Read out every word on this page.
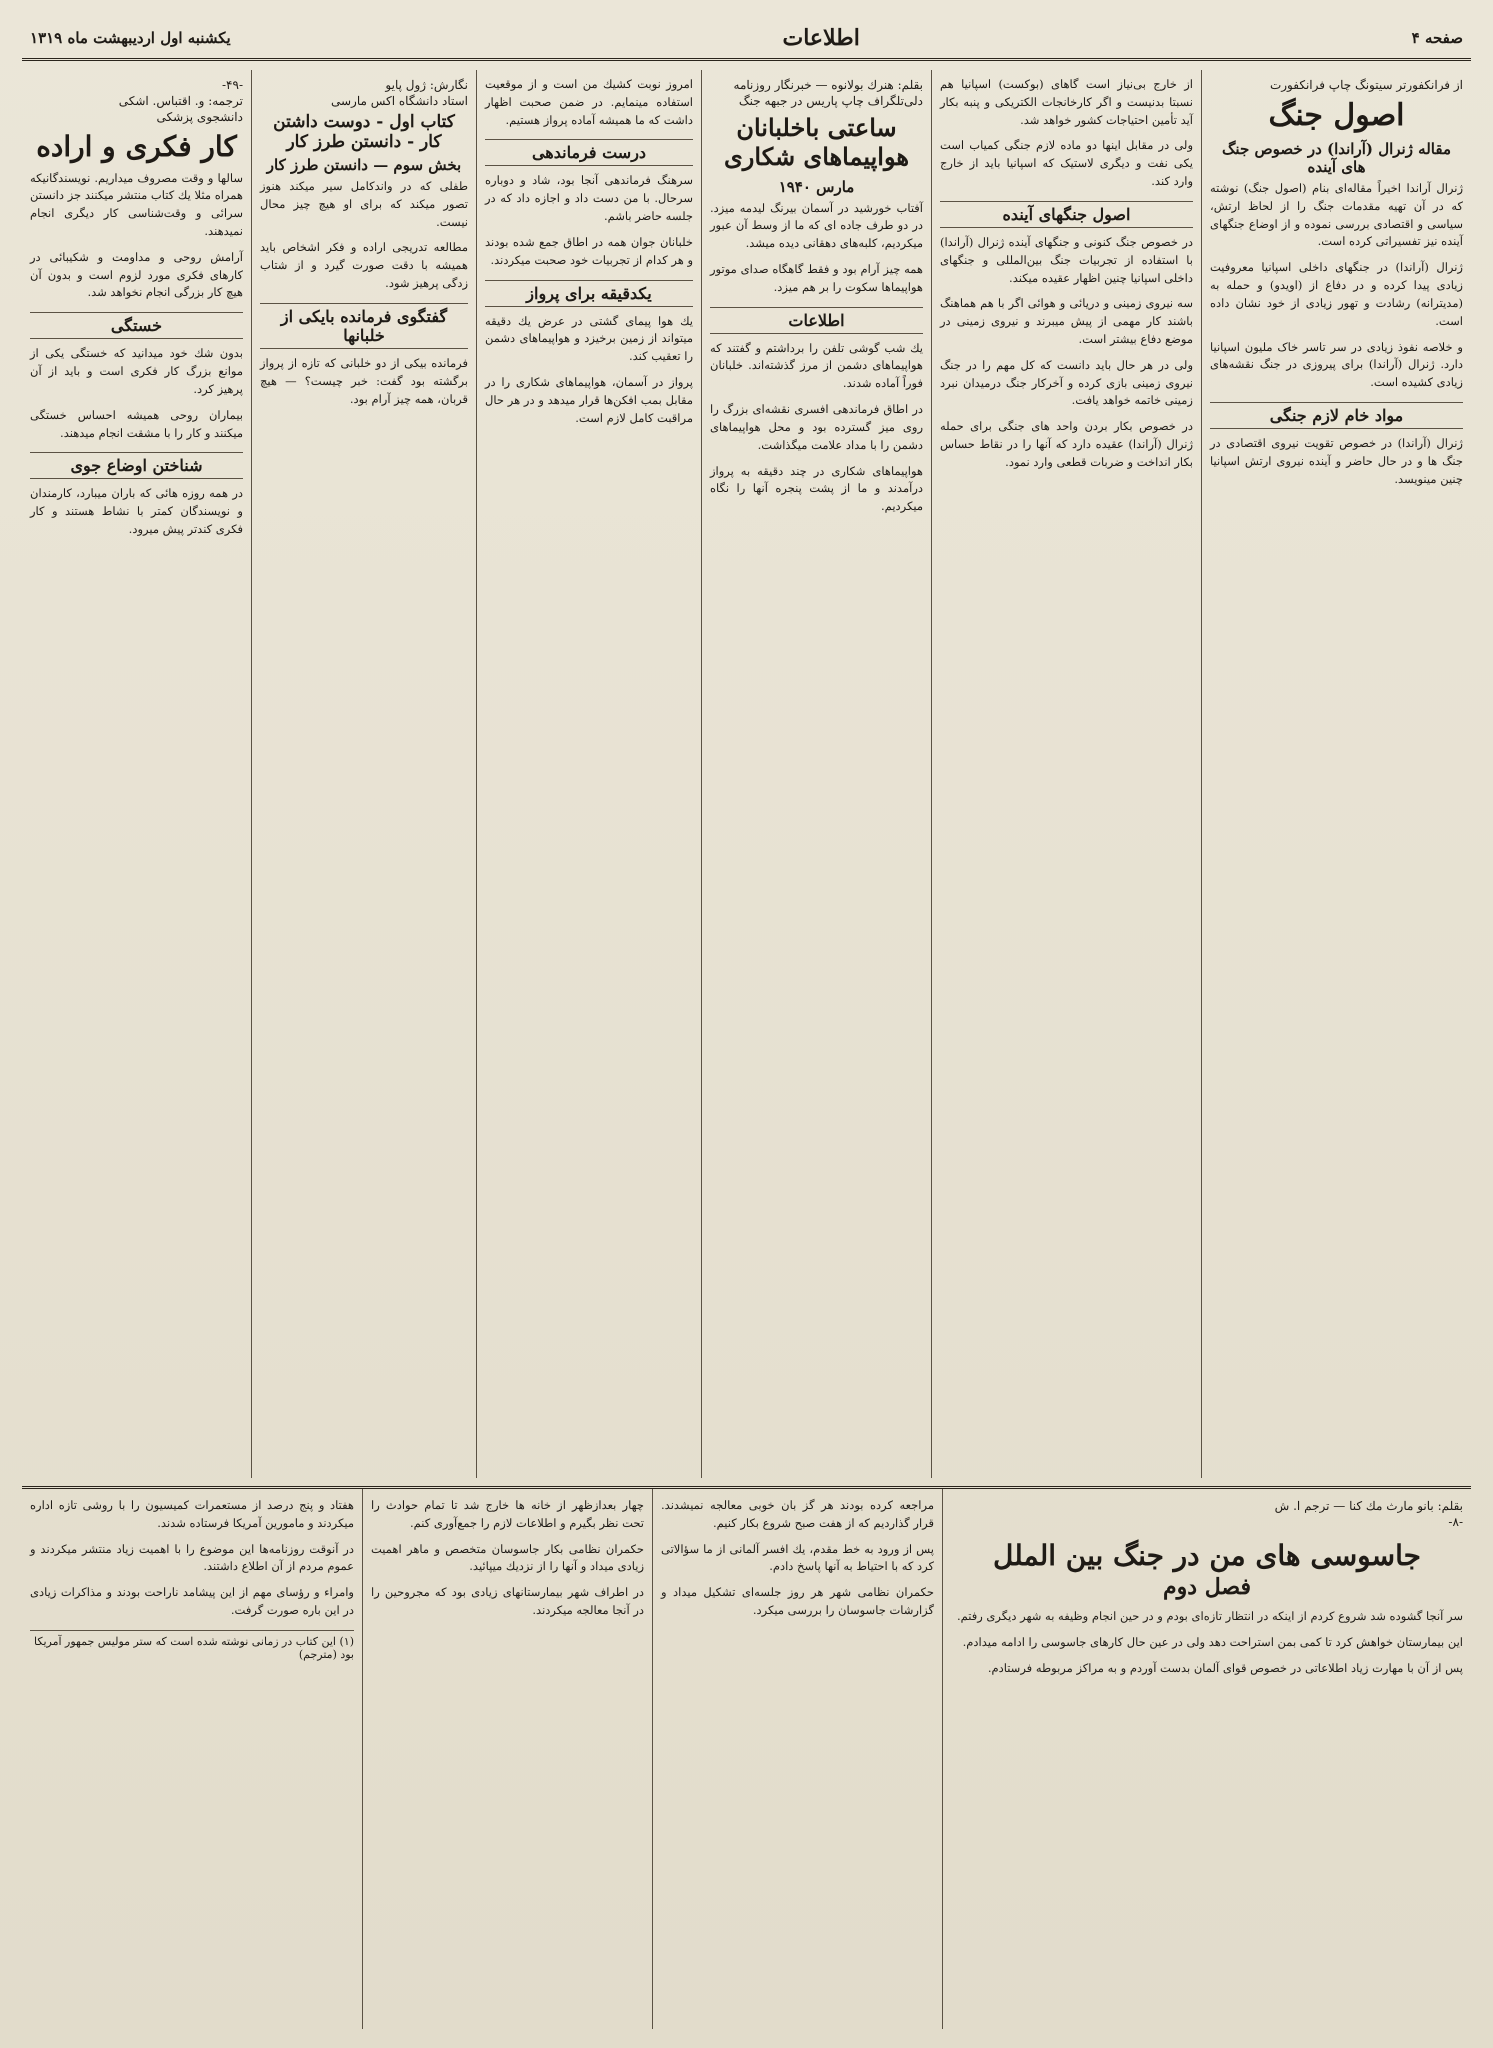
صفحه ۴
اطلاعات
یکشنبه اول اردیبهشت ماه ۱۳۱۹
از فرانکفورتر سیتونگ چاپ فرانکفورت
اصول جنگ
مقاله ژنرال (آراندا) در خصوص جنگ های آینده

ژنرال آراندا اخیراً مقاله‌ای بنام (اصول جنگ) نوشته که در آن تهیه مقدمات جنگ را از لحاظ ارتش، سیاسی و اقتصادی بررسی نموده و از اوضاع جنگهای آینده نیز تفسیراتی کرده است.

ژنرال (آراندا) در جنگهای داخلی اسپانیا معروفیت زیادی پیدا کرده و در دفاع از (اویدو) و حمله به (مدیترانه) رشادت و تهور زیادی از خود نشان داده است.

و خلاصه نفوذ زیادی در سر تاسر خاک ملیون اسپانیا دارد. ژنرال (آراندا) برای پیروزی در جنگ نقشه‌های زیادی کشیده است.

مواد خام لازم جنگی

ژنرال (آراندا) در خصوص تقویت نیروی اقتصادی در جنگ ها و در حال حاضر و آینده نیروی ارتش اسپانیا چنین مینویسد.

از خارج بی‌نیاز است گاهای (بوکست) اسپانیا هم نسبتا بدنیست و اگر کارخانجات الکتریکی و پنبه بکار آید تأمین احتیاجات کشور خواهد شد.

ولی در مقابل اینها دو ماده لازم جنگی کمیاب است یکی نفت و دیگری لاستیک که اسپانیا باید از خارج وارد کند.

اصول جنگهای آینده

در خصوص جنگ کنونی و جنگهای آینده ژنرال (آراندا) با استفاده از تجربیات جنگ بین‌المللی و جنگهای داخلی اسپانیا چنین اظهار عقیده میکند.

سه نیروی زمینی و دریائی و هوائی اگر با هم هماهنگ باشند کار مهمی از پیش میبرند و نیروی زمینی در موضع دفاع بیشتر است.

ولی در هر حال باید دانست که کل مهم را در جنگ نیروی زمینی بازی کرده و آخرکار جنگ درمیدان نبرد زمینی خاتمه خواهد یافت.

در خصوص بکار بردن واحد های جنگی برای حمله ژنرال (آراندا) عقیده دارد که آنها را در نقاط حساس بکار انداخت و ضربات قطعی وارد نمود.

بقلم: هنرك بولانوه — خبرنگار روزنامه
دلی‌تلگراف چاپ پاریس در جبهه جنگ
ساعتی باخلبانان هواپیماهای شکاری
مارس ۱۹۴۰

آفتاب خورشید در آسمان بیرنگ لیدمه میزد. در دو طرف جاده ای که ما از وسط آن عبور میکردیم، کلبه‌های دهقانی دیده میشد.

همه چیز آرام بود و فقط گاهگاه صدای موتور هواپیماها سکوت را بر هم میزد.

اطلاعات

یك شب گوشی تلفن را برداشتم و گفتند که هواپیماهای دشمن از مرز گذشته‌اند. خلبانان فوراً آماده شدند.

در اطاق فرماندهی افسری نقشه‌ای بزرگ را روی میز گسترده بود و محل هواپیماهای دشمن را با مداد علامت میگذاشت.

هواپیماهای شکاری در چند دقیقه به پرواز درآمدند و ما از پشت پنجره آنها را نگاه میکردیم.

امروز نوبت کشیك من است و از موقعیت استفاده مینمایم. در ضمن صحبت اظهار داشت که ما همیشه آماده پرواز هستیم.

درست فرماندهی

سرهنگ فرماندهی آنجا بود، شاد و دوباره سرحال. با من دست داد و اجازه داد که در جلسه حاضر باشم.

خلبانان جوان همه در اطاق جمع شده بودند و هر کدام از تجربیات خود صحبت میکردند.

یکدقیقه برای پرواز

یك هوا پیمای گشتی در عرض یك دقیقه میتواند از زمین برخیزد و هواپیماهای دشمن را تعقیب کند.

پرواز در آسمان، هواپیماهای شکاری را در مقابل بمب افکن‌ها قرار میدهد و در هر حال مراقبت کامل لازم است.

نگارش: ژول پایو
استاد دانشگاه اکس مارسی
کتاب اول - دوست داشتن کار - دانستن طرز کار
بخش سوم — دانستن طرز کار

طفلی که در واندکامل سیر میکند هنوز تصور میکند که برای او هیچ چیز محال نیست.

مطالعه تدریجی اراده و فکر اشخاص باید همیشه با دقت صورت گیرد و از شتاب زدگی پرهیز شود.

گفتگوی فرمانده بایکی از خلبانها

فرمانده بیکی از دو خلبانی که تازه از پرواز برگشته بود گفت: خبر چیست؟ — هیچ قربان، همه چیز آرام بود.

-۴۹-
ترجمه: و. اقتباس. اشکی
دانشجوی پزشکی
کار فکری و اراده

سالها و وقت مصروف میداریم. نویسندگانیکه همراه مثلا یك کتاب منتشر میکنند جز دانستن سرائی و وقت‌شناسی کار دیگری انجام نمیدهند.

آرامش روحی و مداومت و شکیبائی در کارهای فکری مورد لزوم است و بدون آن هیچ کار بزرگی انجام نخواهد شد.

خستگی

بدون شك خود میدانید که خستگی یکی از موانع بزرگ کار فکری است و باید از آن پرهیز کرد.

بیماران روحی همیشه احساس خستگی میکنند و کار را با مشقت انجام میدهند.

شناختن اوضاع جوی

در همه روزه هائی که باران میبارد، کارمندان و نویسندگان کمتر با نشاط هستند و کار فکری کندتر پیش میرود.

بقلم: بانو مارث مك كنا — ترجم ا. ش
-۸-
جاسوسی های من در جنگ بین الملل
فصل دوم

سر آنجا گشوده شد شروع کردم از اینکه در انتظار تازه‌ای بودم و در حین انجام وظیفه به شهر دیگری رفتم.

این بیمارستان خواهش کرد تا کمی بمن استراحت دهد ولی در عین حال کارهای جاسوسی را ادامه میدادم.

پس از آن با مهارت زیاد اطلاعاتی در خصوص قوای آلمان بدست آوردم و به مراکز مربوطه فرستادم.

مراجعه کرده بودند هر گز بان خوبی معالجه نمیشدند. قرار گذاردیم که از هفت صبح شروع بکار کنیم.

پس از ورود به خط مقدم، یك افسر آلمانی از ما سؤالاتی کرد که با احتیاط به آنها پاسخ دادم.

حکمران نظامی شهر هر روز جلسه‌ای تشکیل میداد و گزارشات جاسوسان را بررسی میکرد.

چهار بعدازظهر از خانه ها خارج شد تا تمام حوادث را تحت نظر بگیرم و اطلاعات لازم را جمع‌آوری کنم.

حکمران نظامی بکار جاسوسان متخصص و ماهر اهمیت زیادی میداد و آنها را از نزدیك میپائید.

در اطراف شهر بیمارستانهای زیادی بود که مجروحین را در آنجا معالجه میکردند.

هفتاد و پنج درصد از مستعمرات کمیسیون را با روشی تازه اداره میکردند و مامورین آمریکا فرستاده شدند.

در آنوقت روزنامه‌ها این موضوع را با اهمیت زیاد منتشر میکردند و عموم مردم از آن اطلاع داشتند.

وامراء و رؤسای مهم از این پیشامد ناراحت بودند و مذاکرات زیادی در این باره صورت گرفت.

(۱) این کتاب در زمانی نوشته شده است که ستر مولیس جمهور آمریکا بود (مترجم)
